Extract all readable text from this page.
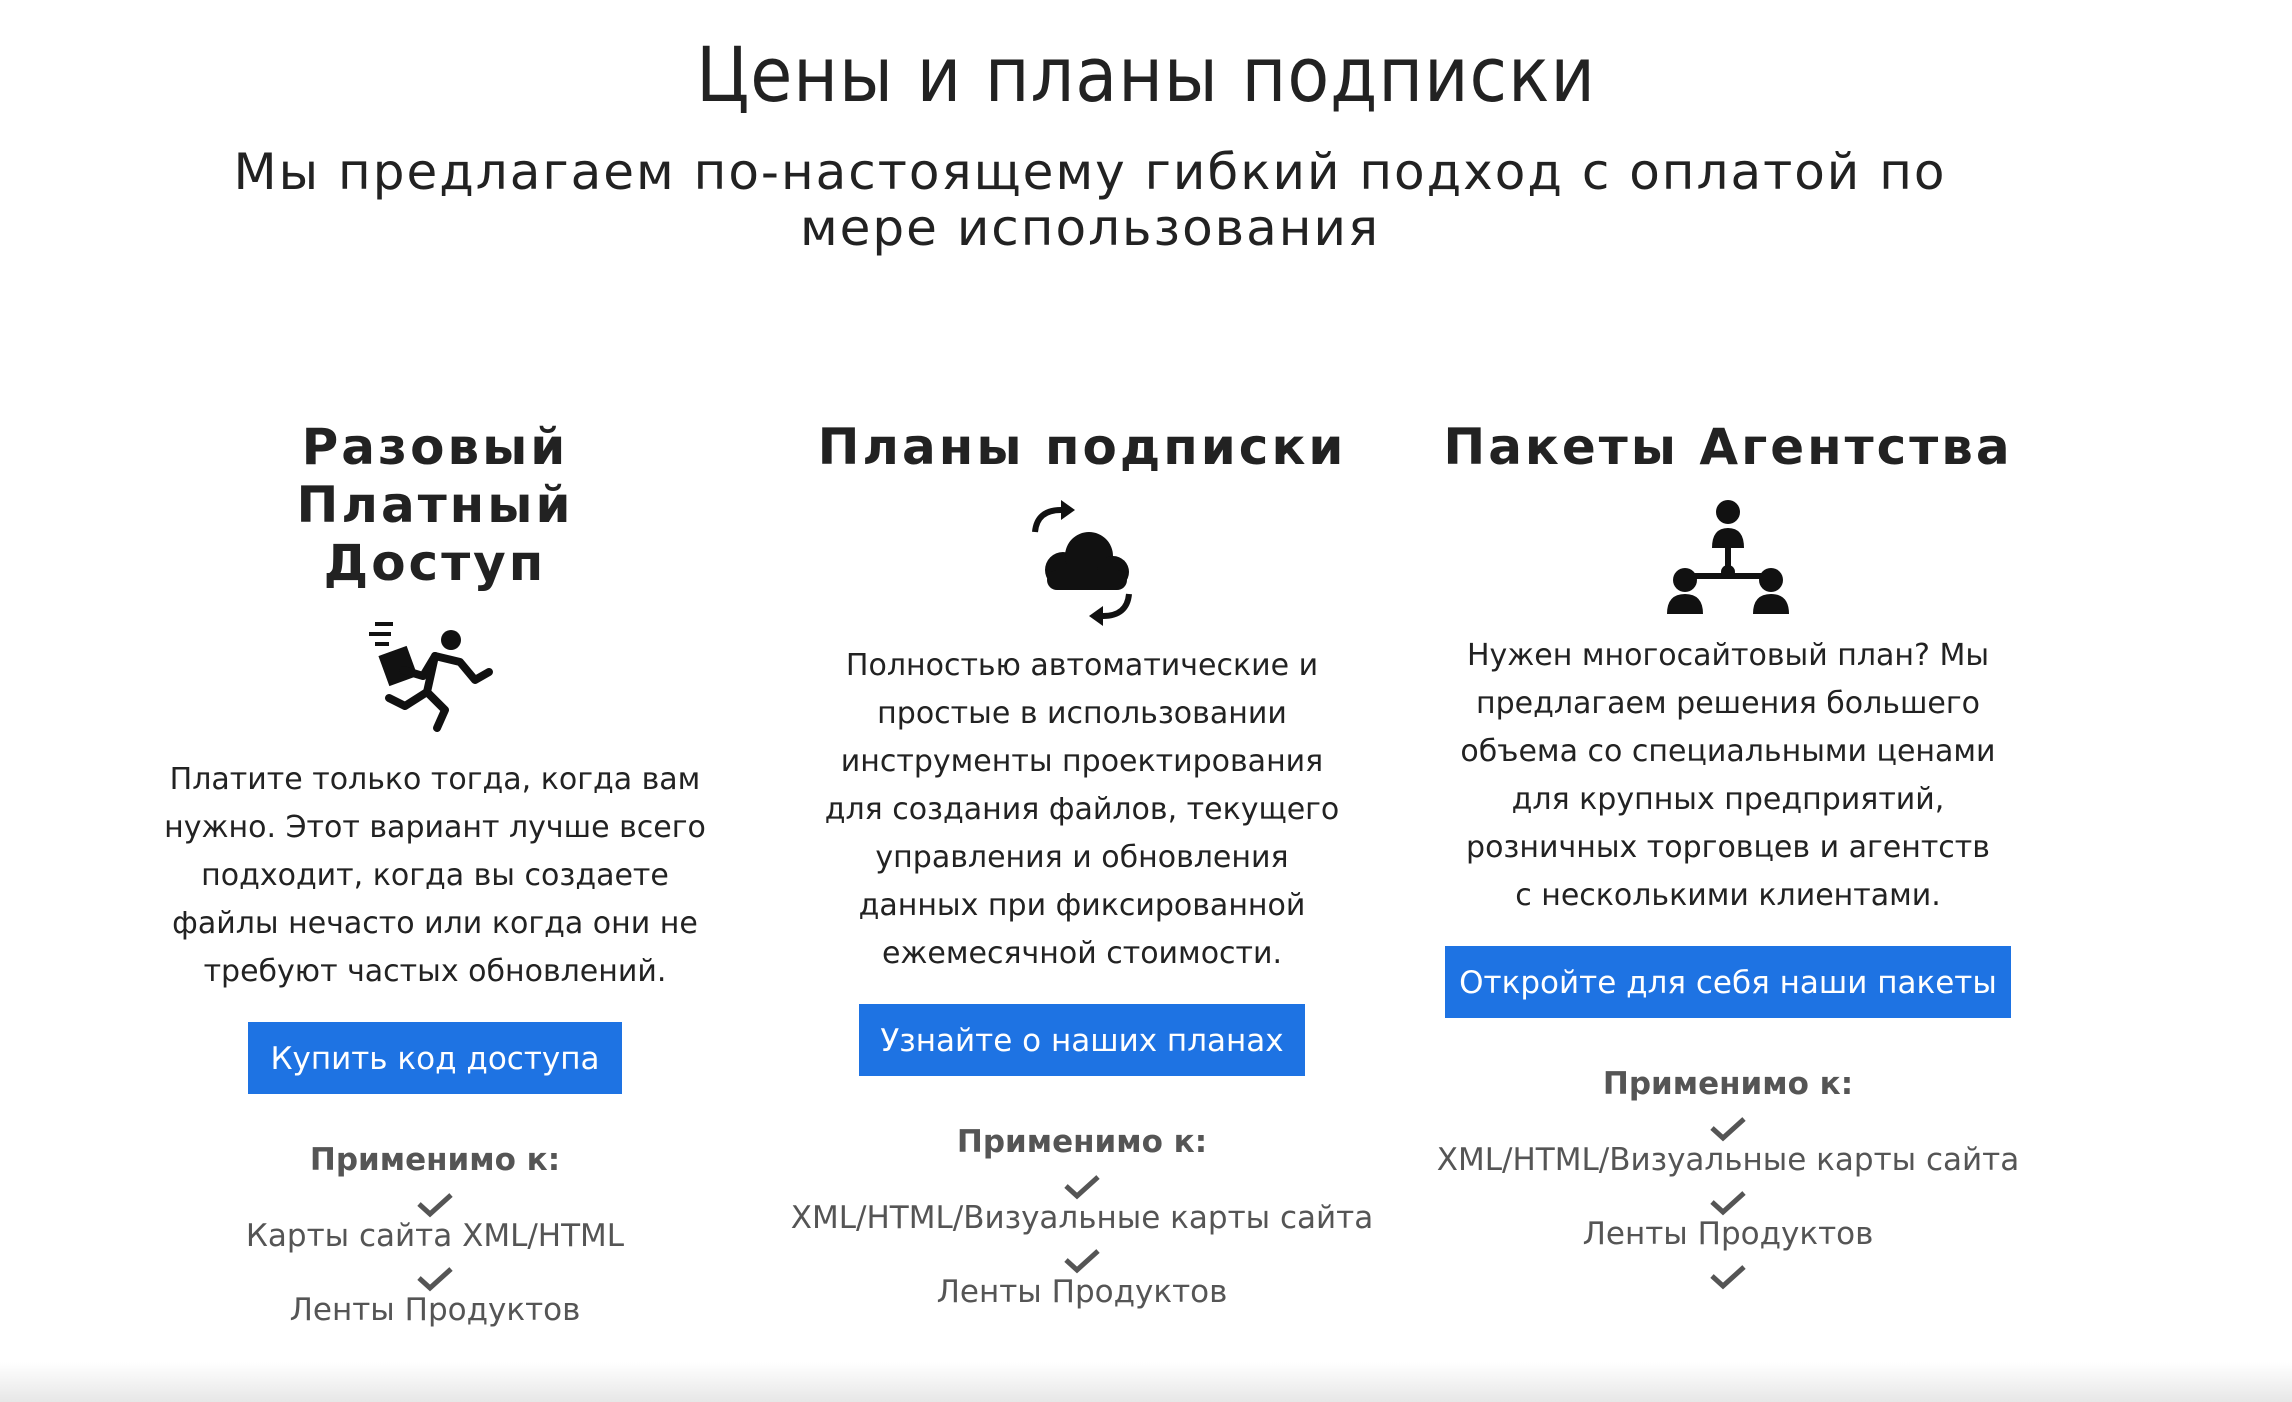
Цены и планы подписки
Мы предлагаем по-настоящему гибкий подход с оплатой по мере использования
Разовый Платный Доступ

Платите только тогда, когда вам нужно. Этот вариант лучше всего подходит, когда вы создаете файлы нечасто или когда они не требуют частых обновлений.

Купить код доступа
Применимо к:
Карты сайта XML/HTML
Ленты Продуктов
Планы подписки

Полностью автоматические и простые в использовании инструменты проектирования для создания файлов, текущего управления и обновления данных при фиксированной ежемесячной стоимости.

Узнайте о наших планах
Применимо к:
XML/HTML/Визуальные карты сайта
Ленты Продуктов
Пакеты Агентства

Нужен многосайтовый план? Мы предлагаем решения большего объема со специальными ценами для крупных предприятий, розничных торговцев и агентств с несколькими клиентами.

Откройте для себя наши пакеты
Применимо к:
XML/HTML/Визуальные карты сайта
Ленты Продуктов
